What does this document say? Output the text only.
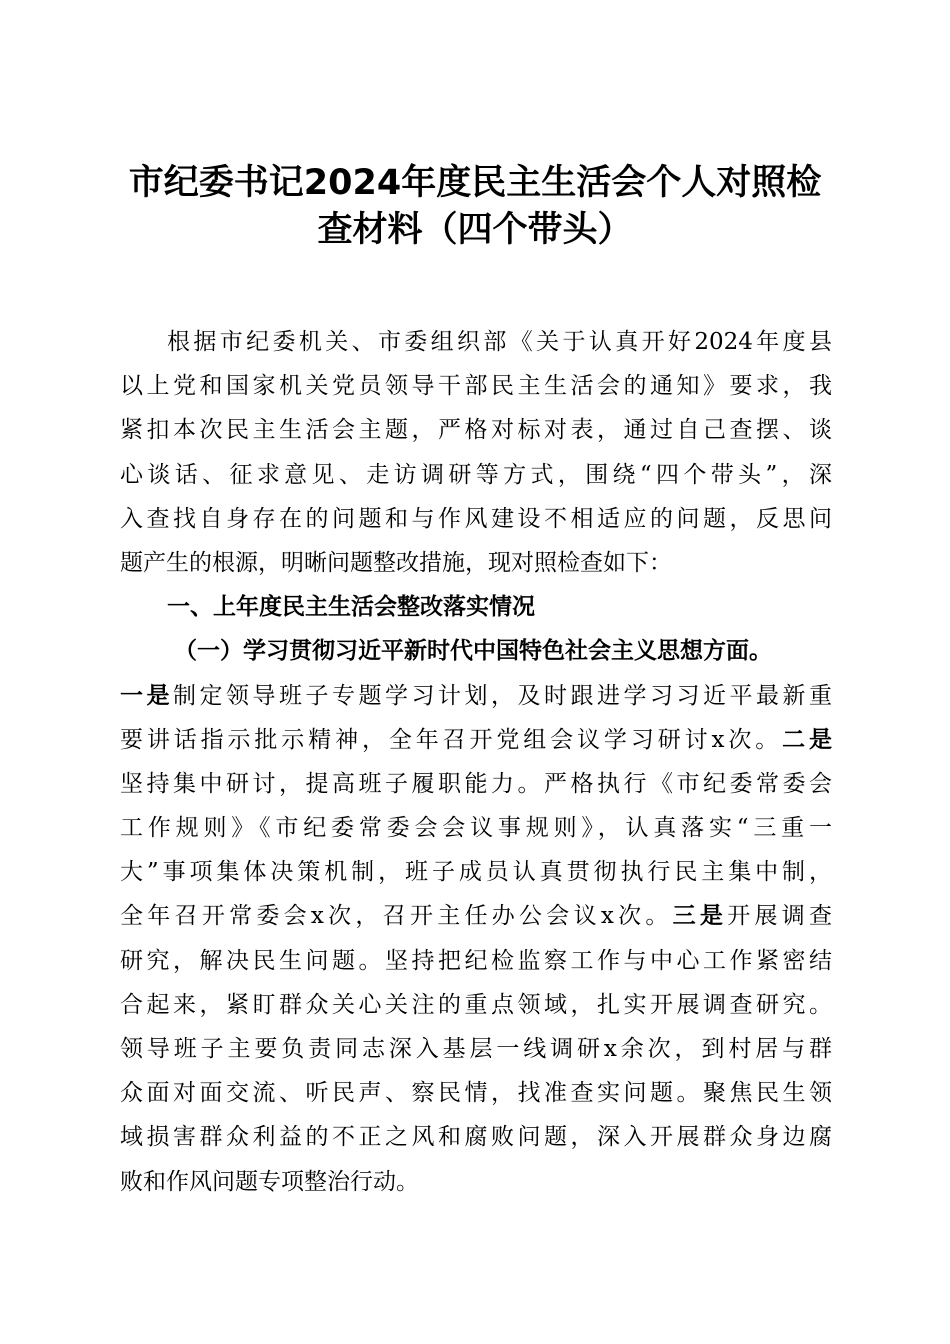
市纪委书记2024年度民主生活会个人对照检
查材料（四个带头）
根据市纪委机关、市委组织部《关于认真开好2024年度县
以上党和国家机关党员领导干部民主生活会的通知》要求，我
紧扣本次民主生活会主题，严格对标对表，通过自己查摆、谈
心谈话、征求意见、走访调研等方式，围绕“四个带头”，深
入查找自身存在的问题和与作风建设不相适应的问题，反思问
题产生的根源，明晰问题整改措施，现对照检查如下：
一、上年度民主生活会整改落实情况
（一）学习贯彻习近平新时代中国特色社会主义思想方面。
一是制定领导班子专题学习计划，及时跟进学习习近平最新重
要讲话指示批示精神，全年召开党组会议学习研讨x次。二是
坚持集中研讨，提高班子履职能力。严格执行《市纪委常委会
工作规则》《市纪委常委会会议事规则》，认真落实“三重一
大”事项集体决策机制，班子成员认真贯彻执行民主集中制，
全年召开常委会x次，召开主任办公会议x次。三是开展调查
研究，解决民生问题。坚持把纪检监察工作与中心工作紧密结
合起来，紧盯群众关心关注的重点领域，扎实开展调查研究。
领导班子主要负责同志深入基层一线调研x余次，到村居与群
众面对面交流、听民声、察民情，找准查实问题。聚焦民生领
域损害群众利益的不正之风和腐败问题，深入开展群众身边腐
败和作风问题专项整治行动。
